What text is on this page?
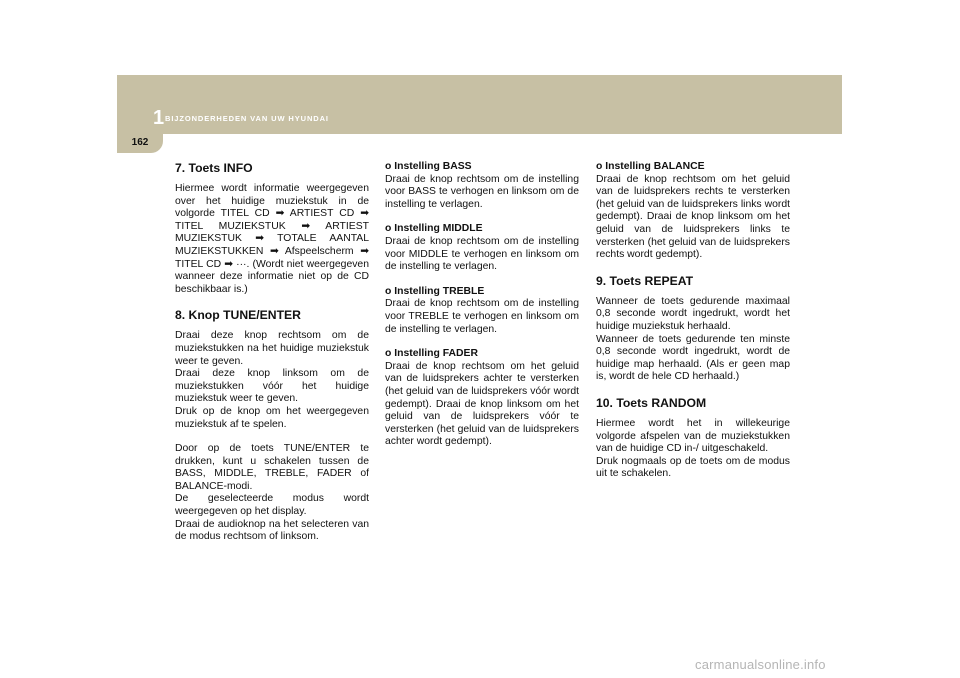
1 BIJZONDERHEDEN VAN UW HYUNDAI
162
7. Toets INFO

Hiermee wordt informatie weergegeven over het huidige muziekstuk in de volgorde TITEL CD ➡ ARTIEST CD ➡ TITEL MUZIEKSTUK ➡ ARTIEST MUZIEKSTUK ➡ TOTALE AANTAL MUZIEKSTUKKEN ➡ Afspeelscherm ➡ TITEL CD ➡ ···. (Wordt niet weergegeven wanneer deze informatie niet op de CD beschikbaar is.)

8. Knop TUNE/ENTER

Draai deze knop rechtsom om de muziekstukken na het huidige muziekstuk weer te geven.

Draai deze knop linksom om de muziekstukken vóór het huidige muziekstuk weer te geven.

Druk op de knop om het weergegeven muziekstuk af te spelen.

Door op de toets TUNE/ENTER te drukken, kunt u schakelen tussen de BASS, MIDDLE, TREBLE, FADER of BALANCE-modi.

De geselecteerde modus wordt weergegeven op het display.

Draai de audioknop na het selecteren van de modus rechtsom of linksom.

o Instelling BASS

Draai de knop rechtsom om de instelling voor BASS te verhogen en linksom om de instelling te verlagen.

o Instelling MIDDLE

Draai de knop rechtsom om de instelling voor MIDDLE te verhogen en linksom om de instelling te verlagen.

o Instelling TREBLE

Draai de knop rechtsom om de instelling voor TREBLE te verhogen en linksom om de instelling te verlagen.

o Instelling FADER

Draai de knop rechtsom om het geluid van de luidsprekers achter te versterken (het geluid van de luidsprekers vóór wordt gedempt). Draai de knop linksom om het geluid van de luidsprekers vóór te versterken (het geluid van de luidsprekers achter wordt gedempt).

o Instelling BALANCE

Draai de knop rechtsom om het geluid van de luidsprekers rechts te versterken (het geluid van de luidsprekers links wordt gedempt). Draai de knop linksom om het geluid van de luidsprekers links te versterken (het geluid van de luidsprekers rechts wordt gedempt).

9. Toets REPEAT

Wanneer de toets gedurende maximaal 0,8 seconde wordt ingedrukt, wordt het huidige muziekstuk herhaald.

Wanneer de toets gedurende ten minste 0,8 seconde wordt ingedrukt, wordt de huidige map herhaald. (Als er geen map is, wordt de hele CD herhaald.)

10. Toets RANDOM

Hiermee wordt het in willekeurige volgorde afspelen van de muziekstukken van de huidige CD in-/ uitgeschakeld.

Druk nogmaals op de toets om de modus uit te schakelen.

carmanualsonline.info
